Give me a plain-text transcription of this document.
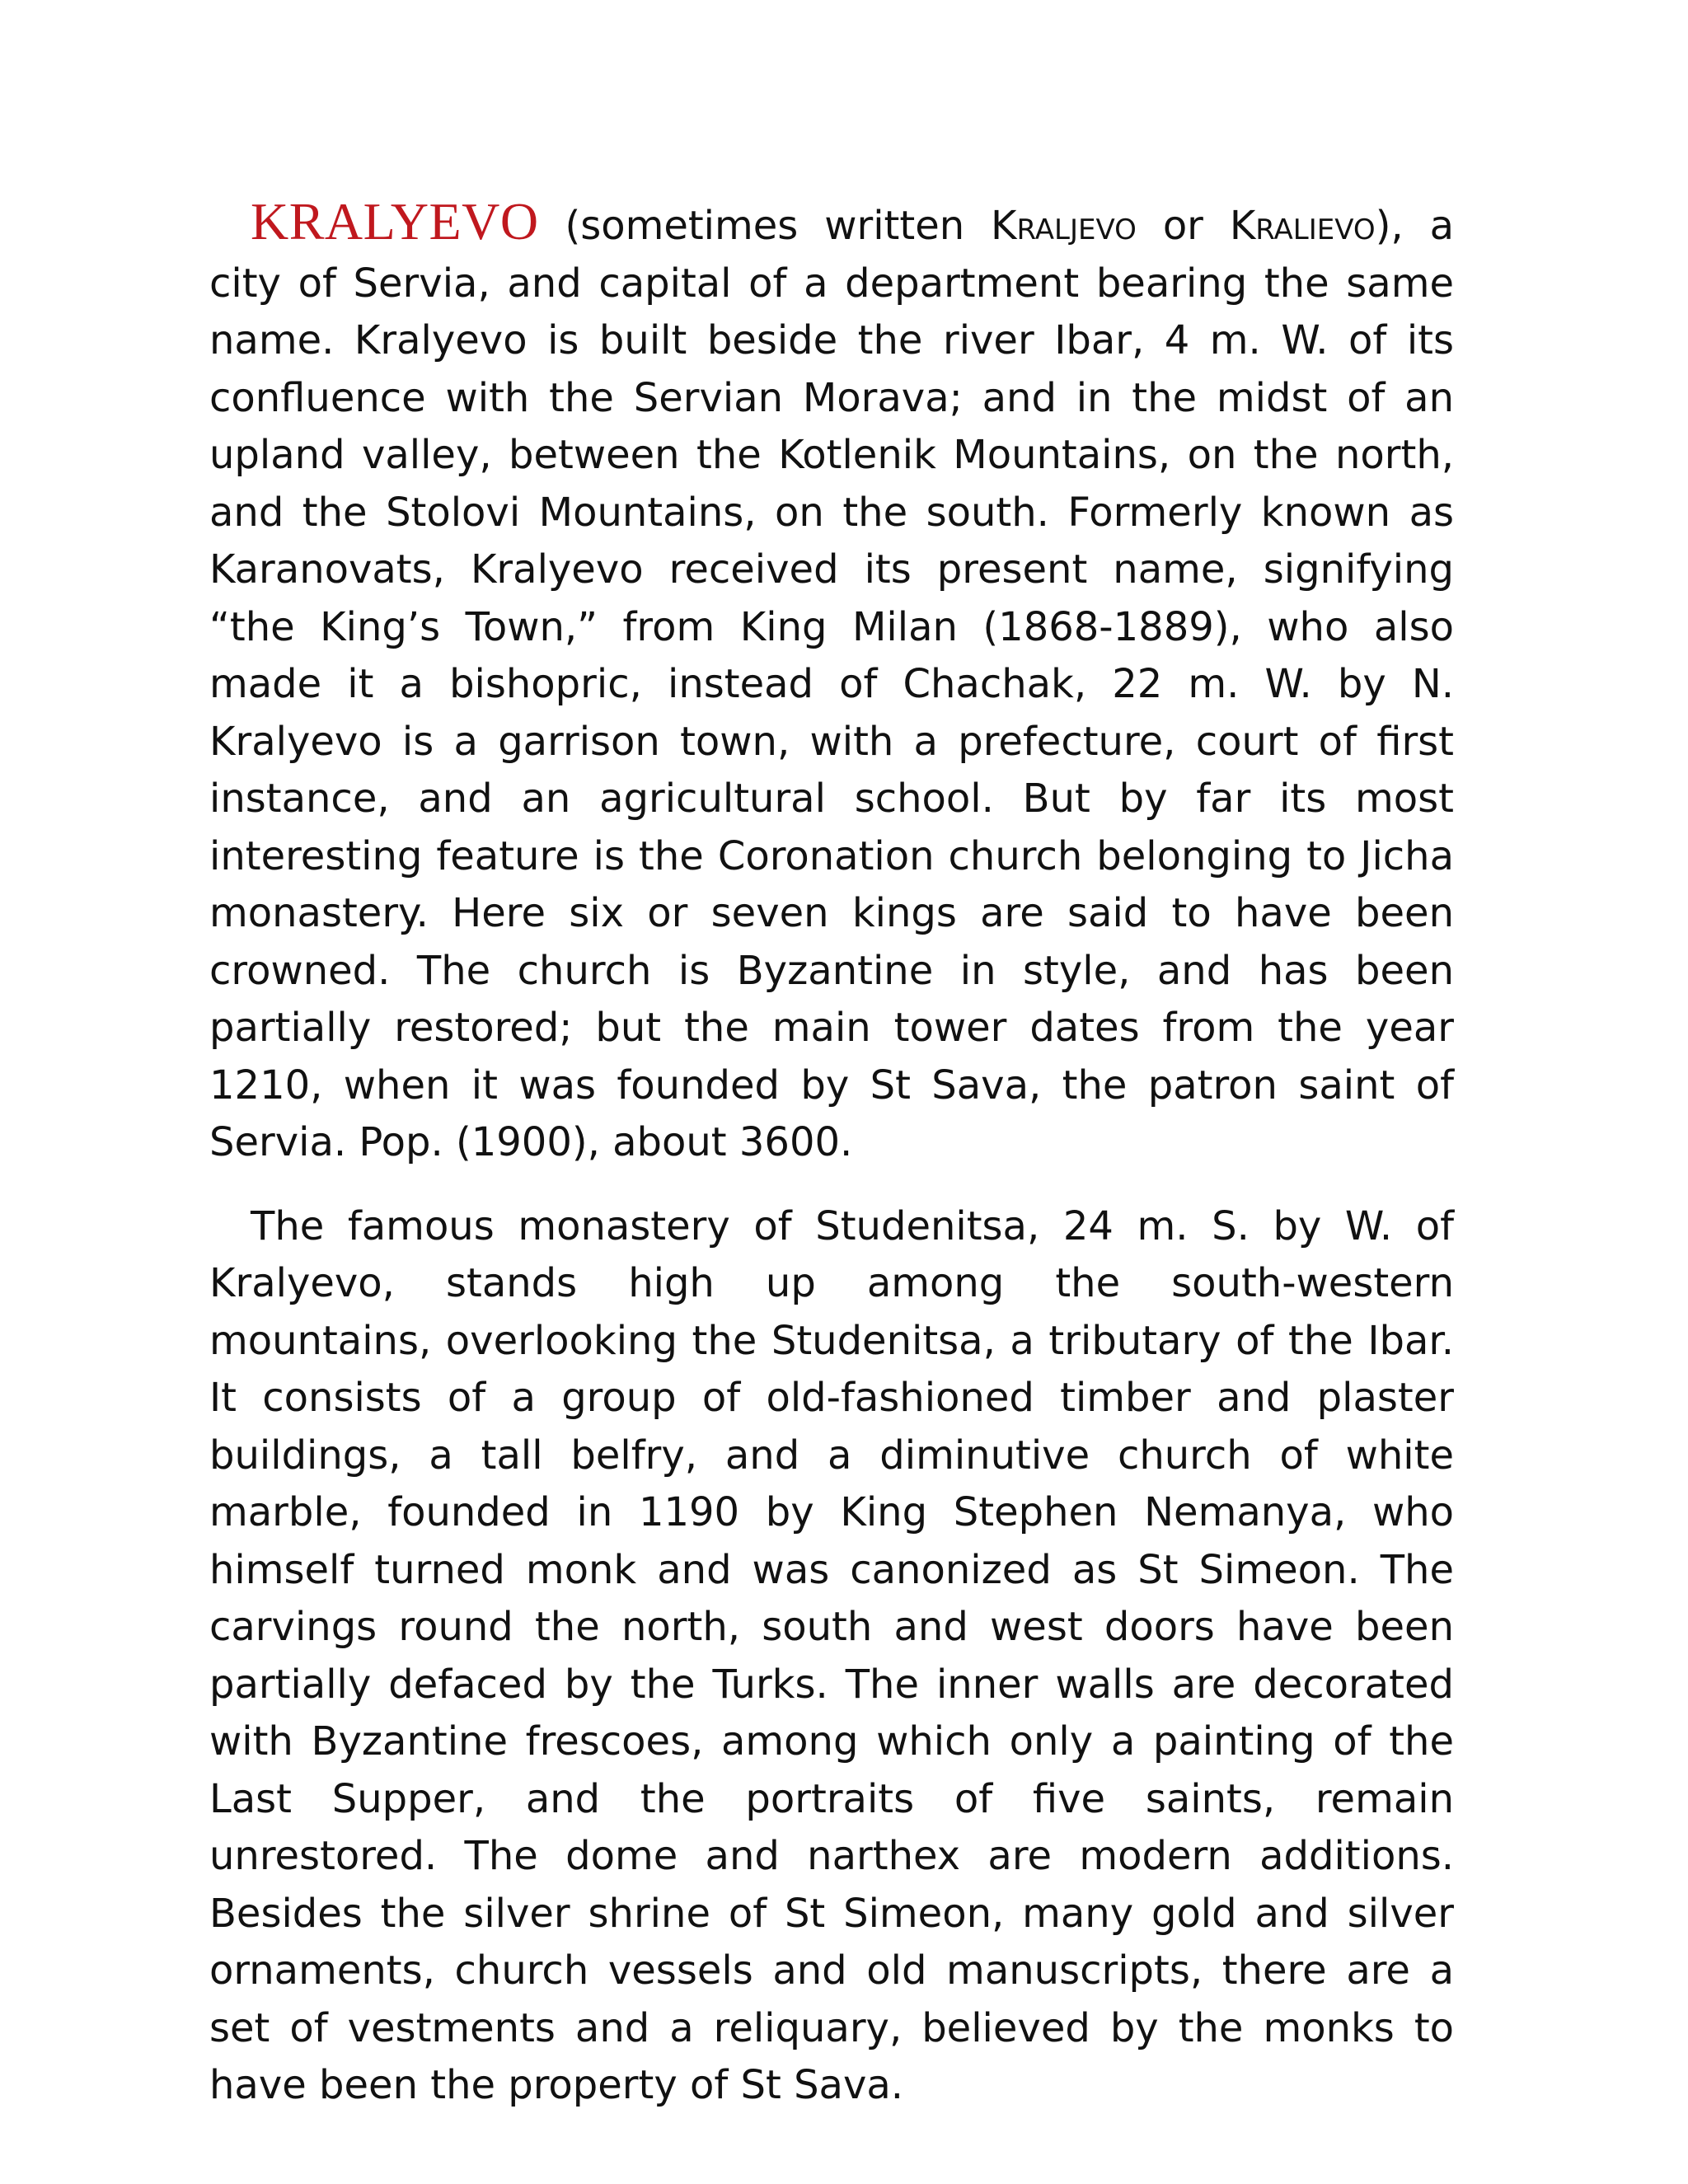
KRALYEVO (sometimes written Kraljevo or Kralievo), a city of Servia, and capital of a department bearing the same name. Kralyevo is built beside the river Ibar, 4 m. W. of its confluence with the Servian Morava; and in the midst of an upland valley, between the Kotlenik Mountains, on the north, and the Stolovi Mountains, on the south. Formerly known as Karanovats, Kralyevo received its present name, signifying “the King’s Town,” from King Milan (1868-1889), who also made it a bishopric, instead of Chachak, 22 m. W. by N. Kralyevo is a garrison town, with a prefecture, court of first instance, and an agricultural school. But by far its most interesting feature is the Coronation church belonging to Jicha monastery. Here six or seven kings are said to have been crowned. The church is Byzantine in style, and has been partially restored; but the main tower dates from the year 1210, when it was founded by St Sava, the patron saint of Servia. Pop. (1900), about 3600.

The famous monastery of Studenitsa, 24 m. S. by W. of Kralyevo, stands high up among the south-western mountains, overlooking the Studenitsa, a tributary of the Ibar. It consists of a group of old-fashioned timber and plaster buildings, a tall belfry, and a diminutive church of white marble, founded in 1190 by King Stephen Nemanya, who himself turned monk and was canonized as St Simeon. The carvings round the north, south and west doors have been partially defaced by the Turks. The inner walls are decorated with Byzantine frescoes, among which only a painting of the Last Supper, and the portraits of five saints, remain unrestored. The dome and narthex are modern additions. Besides the silver shrine of St Simeon, many gold and silver ornaments, church vessels and old manuscripts, there are a set of vestments and a reliquary, believed by the monks to have been the property of St Sava.
